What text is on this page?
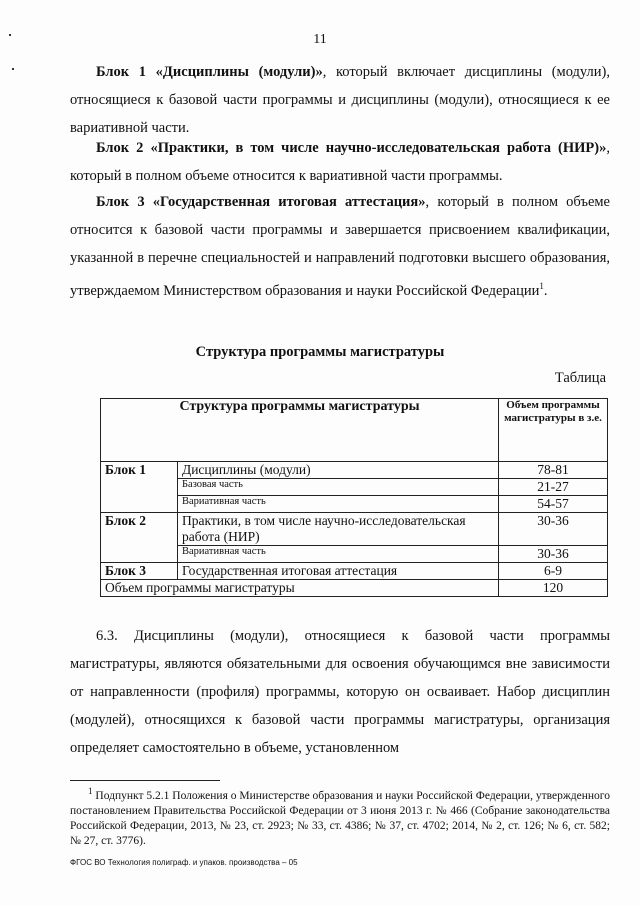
11
Блок 1 «Дисциплины (модули)», который включает дисциплины (модули), относящиеся к базовой части программы и дисциплины (модули), относящиеся к ее вариативной части.
Блок 2 «Практики, в том числе научно-исследовательская работа (НИР)», который в полном объеме относится к вариативной части программы.
Блок 3 «Государственная итоговая аттестация», который в полном объеме относится к базовой части программы и завершается присвоением квалификации, указанной в перечне специальностей и направлений подготовки высшего образования, утверждаемом Министерством образования и науки Российской Федерации$^1$.
Структура программы магистратуры
Таблица
Структура программы магистратуры		Объем программы магистратуры в з.е.
Блок 1	Дисциплины (модули)	78-81
	Базовая часть	21-27
	Вариативная часть	54-57
Блок 2	Практики, в том числе научно-исследовательская работа (НИР)	30-36
	Вариативная часть	30-36
Блок 3	Государственная итоговая аттестация	6-9
Объем программы магистратуры		120
6.3. Дисциплины (модули), относящиеся к базовой части программы магистратуры, являются обязательными для освоения обучающимся вне зависимости от направленности (профиля) программы, которую он осваивает. Набор дисциплин (модулей), относящихся к базовой части программы магистратуры, организация определяет самостоятельно в объеме, установленном
$^1$ Подпункт 5.2.1 Положения о Министерстве образования и науки Российской Федерации, утвержденного постановлением Правительства Российской Федерации от 3 июня 2013 г. № 466 (Собрание законодательства Российской Федерации, 2013, № 23, ст. 2923; № 33, ст. 4386; № 37, ст. 4702; 2014, № 2, ст. 126; № 6, ст. 582; № 27, ст. 3776).
ФГОС ВО Технология полиграф. и упаков. производства – 05
